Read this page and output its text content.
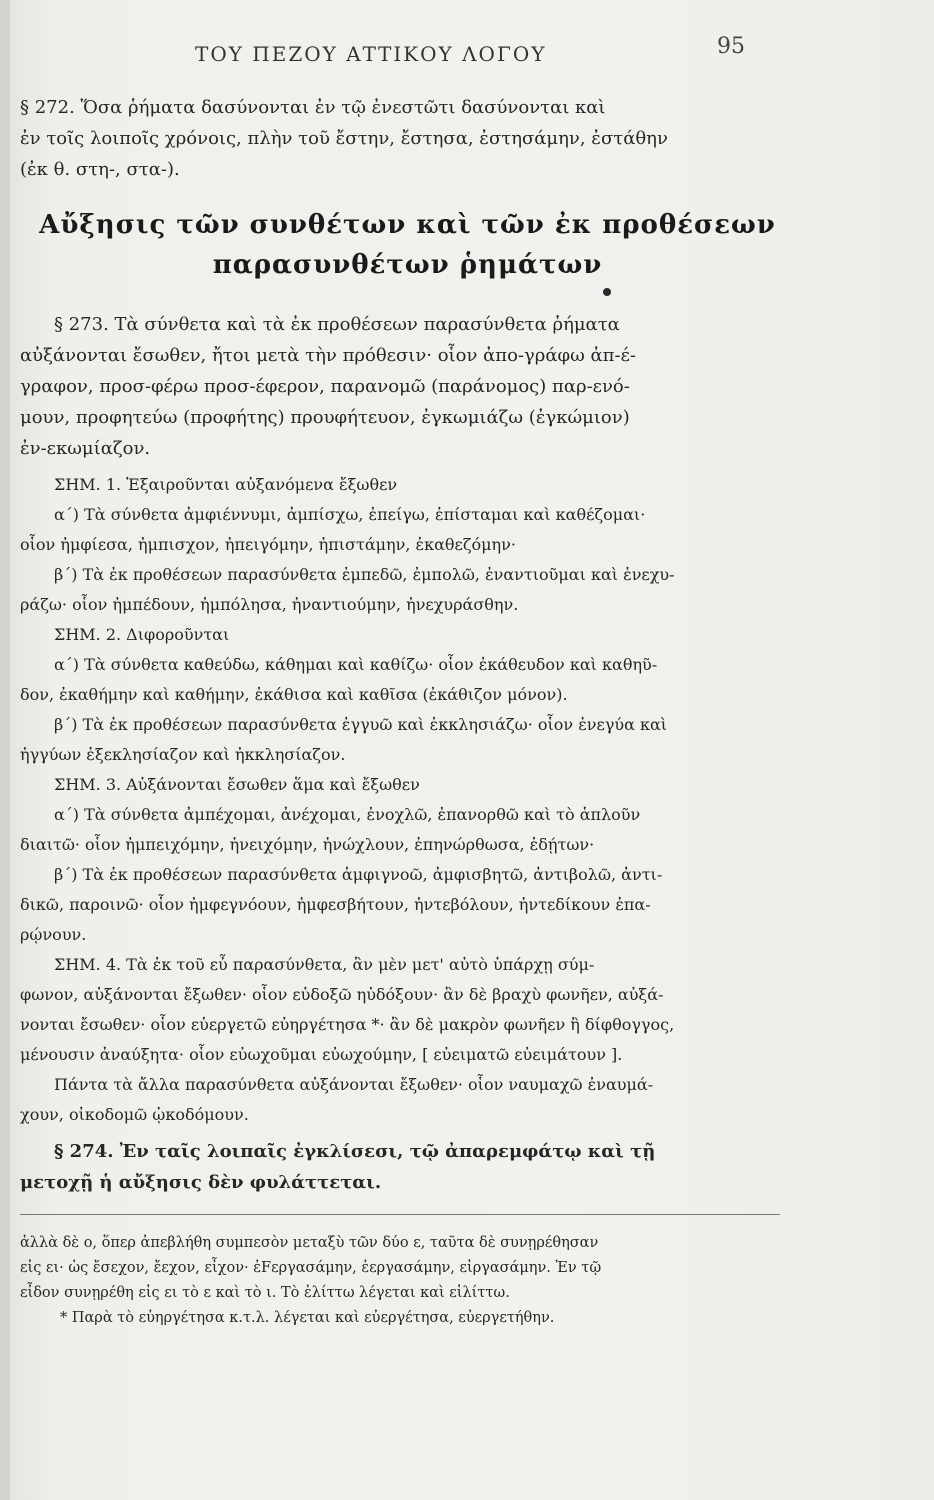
ΤΟΥ ΠΕΖΟΥ ΑΤΤΙΚΟΥ ΛΟΓΟΥ	95
§ 272. Ὅσα ῥήματα δασύνονται ἐν τῷ ἐνεστῶτι δασύνονται καὶ
ἐν τοῖς λοιποῖς χρόνοις, πλὴν τοῦ ἔστην, ἔστησα, ἐστησάμην, ἐστάθην
(ἐκ θ. στη-, στα-).
Αὔξησις τῶν συνθέτων καὶ τῶν ἐκ προθέσεων
παρασυνθέτων ῥημάτων
§ 273. Τὰ σύνθετα καὶ τὰ ἐκ προθέσεων παρασύνθετα ῥήματα
αὐξάνονται ἔσωθεν, ἤτοι μετὰ τὴν πρόθεσιν· οἷον ἀπο-γράφω ἀπ-έ-
γραφον, προσ-φέρω προσ-έφερον, παρανομῶ (παράνομος) παρ-ενό-
μουν, προφητεύω (προφήτης) προυφήτευον, ἐγκωμιάζω (ἐγκώμιον)
ἐν-εκωμίαζον.
ΣΗΜ. 1. Ἐξαιροῦνται αὐξανόμενα ἔξωθεν
α΄) Τὰ σύνθετα ἀμφιέννυμι, ἀμπίσχω, ἐπείγω, ἐπίσταμαι καὶ καθέζομαι·
οἷον ἠμφίεσα, ἠμπισχον, ἠπειγόμην, ἠπιστάμην, ἐκαθεζόμην·
β΄) Τὰ ἐκ προθέσεων παρασύνθετα ἐμπεδῶ, ἐμπολῶ, ἐναντιοῦμαι καὶ ἐνεχυ-
ράζω· οἷον ἠμπέδουν, ἠμπόλησα, ἠναντιούμην, ἠνεχυράσθην.
ΣΗΜ. 2. Διφοροῦνται
α΄) Τὰ σύνθετα καθεύδω, κάθημαι καὶ καθίζω· οἷον ἐκάθευδον καὶ καθηῦ-
δον, ἐκαθήμην καὶ καθήμην, ἐκάθισα καὶ καθῖσα (ἐκάθιζον μόνον).
β΄) Τὰ ἐκ προθέσεων παρασύνθετα ἐγγυῶ καὶ ἐκκλησιάζω· οἷον ἐνεγύα καὶ
ἠγγύων ἐξεκλησίαζον καὶ ἠκκλησίαζον.
ΣΗΜ. 3. Αὐξάνονται ἔσωθεν ἅμα καὶ ἔξωθεν
α΄) Τὰ σύνθετα ἀμπέχομαι, ἀνέχομαι, ἐνοχλῶ, ἐπανορθῶ καὶ τὸ ἁπλοῦν
διαιτῶ· οἷον ἠμπειχόμην, ἠνειχόμην, ἠνώχλουν, ἐπηνώρθωσα, ἐδῄτων·
β΄) Τὰ ἐκ προθέσεων παρασύνθετα ἀμφιγνοῶ, ἀμφισβητῶ, ἀντιβολῶ, ἀντι-
δικῶ, παροινῶ· οἷον ἠμφεγνόουν, ἠμφεσβήτουν, ἠντεβόλουν, ἠντεδίκουν ἐπα-
ρῴνουν.
ΣΗΜ. 4. Τὰ ἐκ τοῦ εὖ παρασύνθετα, ἂν μὲν μετ' αὐτὸ ὑπάρχῃ σύμ-
φωνον, αὐξάνονται ἔξωθεν· οἷον εὐδοξῶ ηὐδόξουν· ἂν δὲ βραχὺ φωνῆεν, αὐξά-
νονται ἔσωθεν· οἷον εὐεργετῶ εὐηργέτησα *· ἂν δὲ μακρὸν φωνῆεν ἢ δίφθογγος,
μένουσιν ἀναύξητα· οἷον εὐωχοῦμαι εὐωχούμην, [ εὐειματῶ εὐειμάτουν ].
Πάντα τὰ ἄλλα παρασύνθετα αὐξάνονται ἔξωθεν· οἷον ναυμαχῶ ἐναυμά-
χουν, οἰκοδομῶ ᾠκοδόμουν.
§ 274. Ἐν ταῖς λοιπαῖς ἐγκλίσεσι, τῷ ἀπαρεμφάτῳ καὶ τῇ
μετοχῇ ἡ αὔξησις δὲν φυλάττεται.
ἀλλὰ δὲ ο, ὅπερ ἀπεβλήθη συμπεσὸν μεταξὺ τῶν δύο ε, ταῦτα δὲ συνῃρέθησαν
εἰς ει· ὡς ἔσεχον, ἔεχον, εἶχον· ἐFεργασάμην, ἐεργασάμην, εἰργασάμην. Ἐν τῷ
εἶδον συνῃρέθη εἰς ει τὸ ε καὶ τὸ ι. Τὸ ἑλίττω λέγεται καὶ εἱλίττω.
* Παρὰ τὸ εὐηργέτησα κ.τ.λ. λέγεται καὶ εὐεργέτησα, εὐεργετήθην.
